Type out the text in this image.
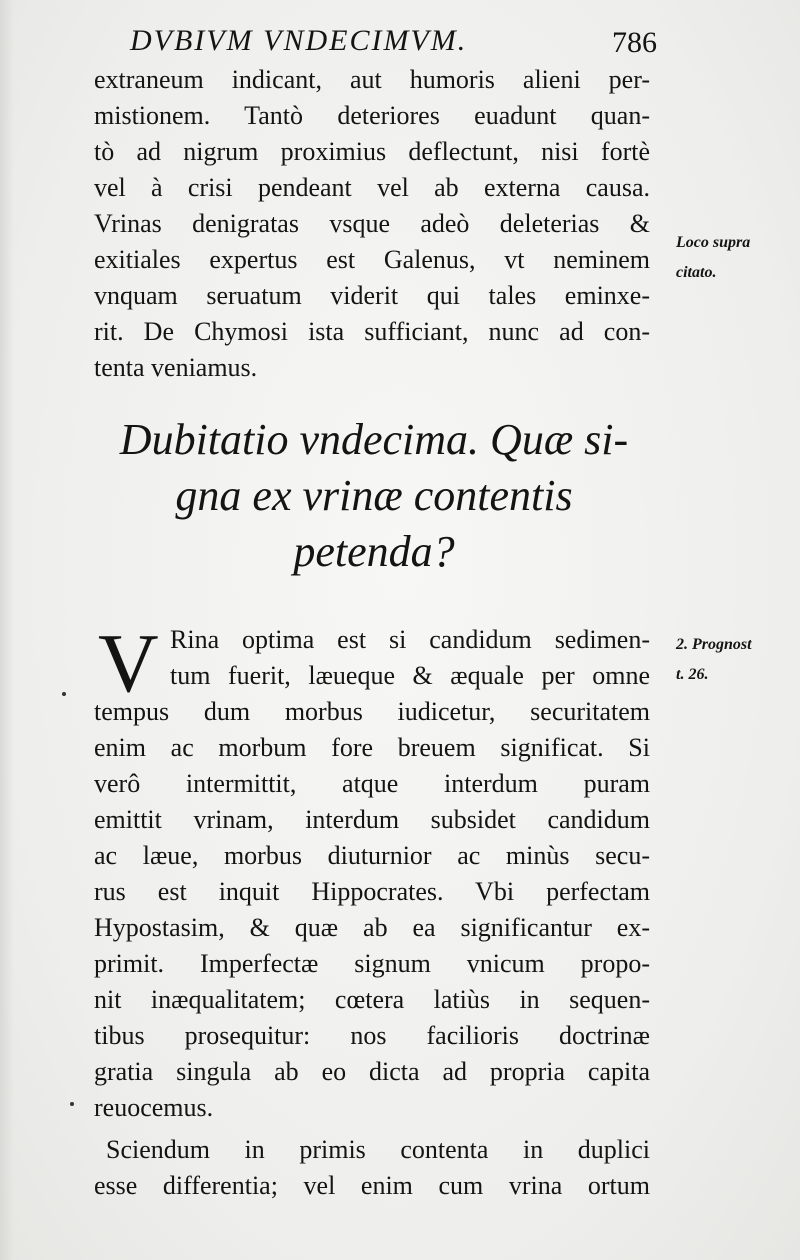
DVBIVM VNDECIMVM.	786
extraneum indicant, aut humoris alieni per-
mistionem. Tantò deteriores euadunt quan-
tò ad nigrum proximius deflectunt, nisi fortè
vel à crisi pendeant vel ab externa causa.
Vrinas denigratas vsque adeò deleterias &
exitiales expertus est Galenus, vt neminem
vnquam seruatum viderit qui tales eminxe-
rit. De Chymosi ista sufficiant, nunc ad con-
tenta veniamus.
Loco supra
citato.
Dubitatio vndecima. Quæ si-
gna ex vrinæ contentis
petenda?
V Rina optima est si candidum sedimen-
tum fuerit, læueque & æquale per omne
tempus dum morbus iudicetur, securitatem
enim ac morbum fore breuem significat. Si
verô intermittit, atque interdum puram
emittit vrinam, interdum subsidet candidum
ac læue, morbus diuturnior ac minùs secu-
rus est inquit Hippocrates. Vbi perfectam
Hypostasim, & quæ ab ea significantur ex-
primit. Imperfectæ signum vnicum propo-
nit inæqualitatem; cœtera latiùs in sequen-
tibus prosequitur: nos facilioris doctrinæ
gratia singula ab eo dicta ad propria capita
reuocemus.
2. Prognost
t. 26.
Sciendum in primis contenta in duplici
esse differentia; vel enim cum vrina ortum
